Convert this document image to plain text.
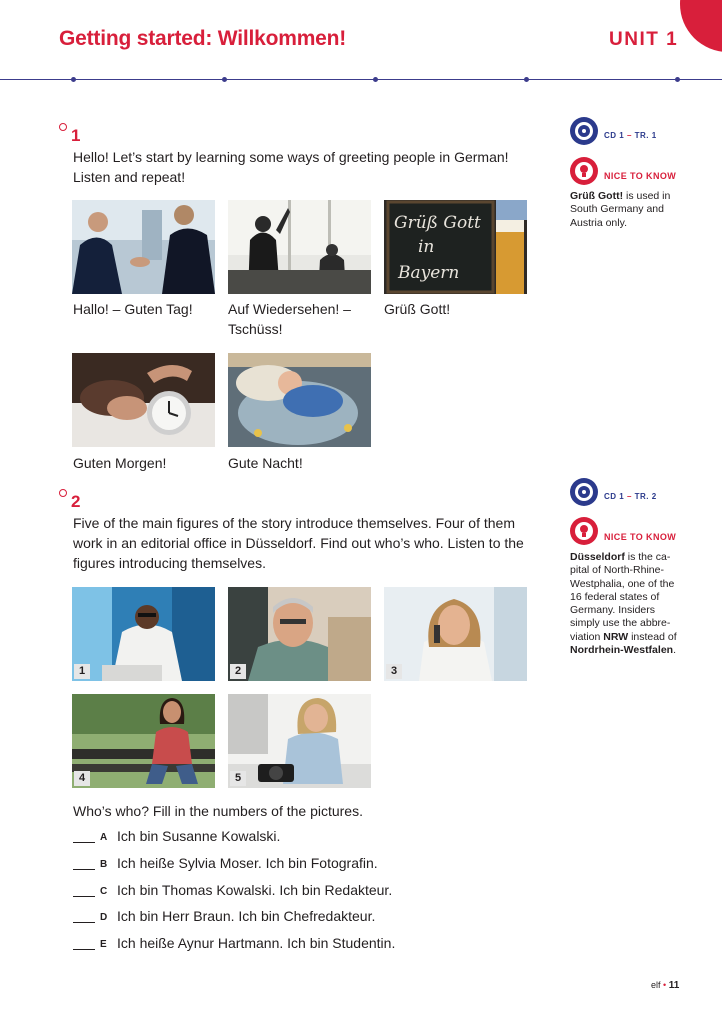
Getting started: Willkommen!	UNIT 1
1
Hello! Let’s start by learning some ways of greeting people in German! Listen and repeat!
Grüß Gott
in
Bayern
Hallo! – Guten Tag!	Auf Wiedersehen! – Tschüss!
Grüß Gott!
Guten Morgen!	Gute Nacht!
2
Five of the main figures of the story introduce themselves. Four of them work in an editorial office in Düsseldorf. Find out who’s who. Listen to the figures introducing themselves.
1	2	3
4	5
Who’s who? Fill in the numbers of the pictures.
A Ich bin Susanne Kowalski.
B Ich heiße Sylvia Moser. Ich bin Fotografin.
C Ich bin Thomas Kowalski. Ich bin Redakteur.
D Ich bin Herr Braun. Ich bin Chefredakteur.
E Ich heiße Aynur Hartmann. Ich bin Studentin.
CD 1 – TR. 1
NICE TO KNOW
Grüß Gott! is used in South Germany and Austria only.
CD 1 – TR. 2
NICE TO KNOW
Düsseldorf is the capital of North-Rhine-Westphalia, one of the 16 federal states of Germany. Insiders simply use the abbreviation NRW instead of Nordrhein-Westfalen.
elf • 11
